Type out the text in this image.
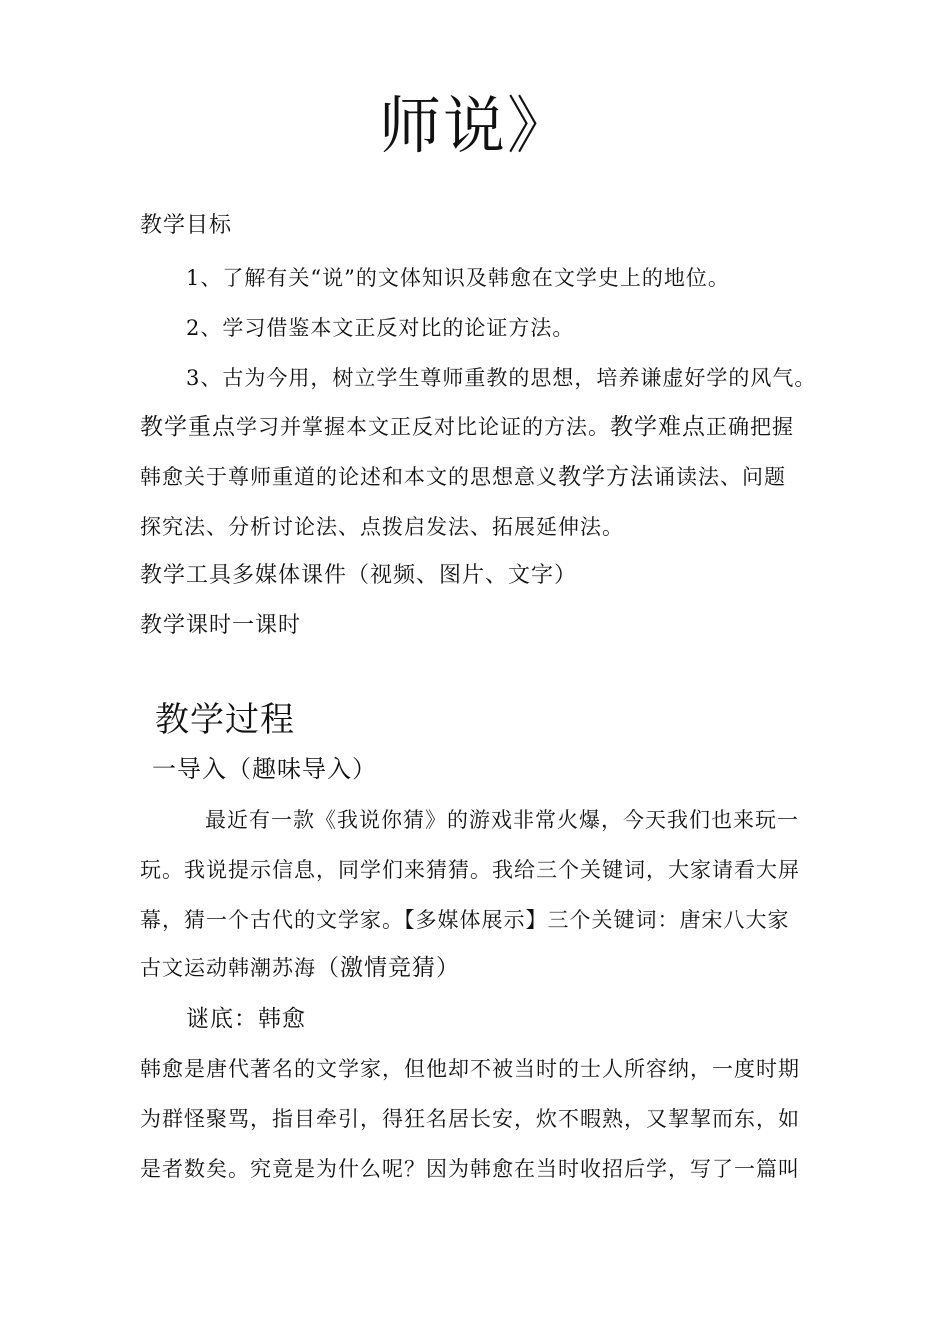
师说》
教学目标
1、了解有关“说”的文体知识及韩愈在文学史上的地位。
2、学习借鉴本文正反对比的论证方法。
3、古为今用，树立学生尊师重教的思想，培养谦虚好学的风气。
教学重点学习并掌握本文正反对比论证的方法。教学难点正确把握
韩愈关于尊师重道的论述和本文的思想意义教学方法诵读法、问题
探究法、分析讨论法、点拨启发法、拓展延伸法。
教学工具多媒体课件（视频、图片、文字）
教学课时一课时
教学过程
一导入（趣味导入）
最近有一款《我说你猜》的游戏非常火爆，今天我们也来玩一
玩。我说提示信息，同学们来猜猜。我给三个关键词，大家请看大屏
幕，猜一个古代的文学家。【多媒体展示】三个关键词：唐宋八大家
古文运动韩潮苏海（激情竞猜）
谜底：韩愈
韩愈是唐代著名的文学家，但他却不被当时的士人所容纳，一度时期
为群怪聚骂，指目牵引，得狂名居长安，炊不暇熟，又挈挈而东，如
是者数矣。究竟是为什么呢？因为韩愈在当时收招后学，写了一篇叫
